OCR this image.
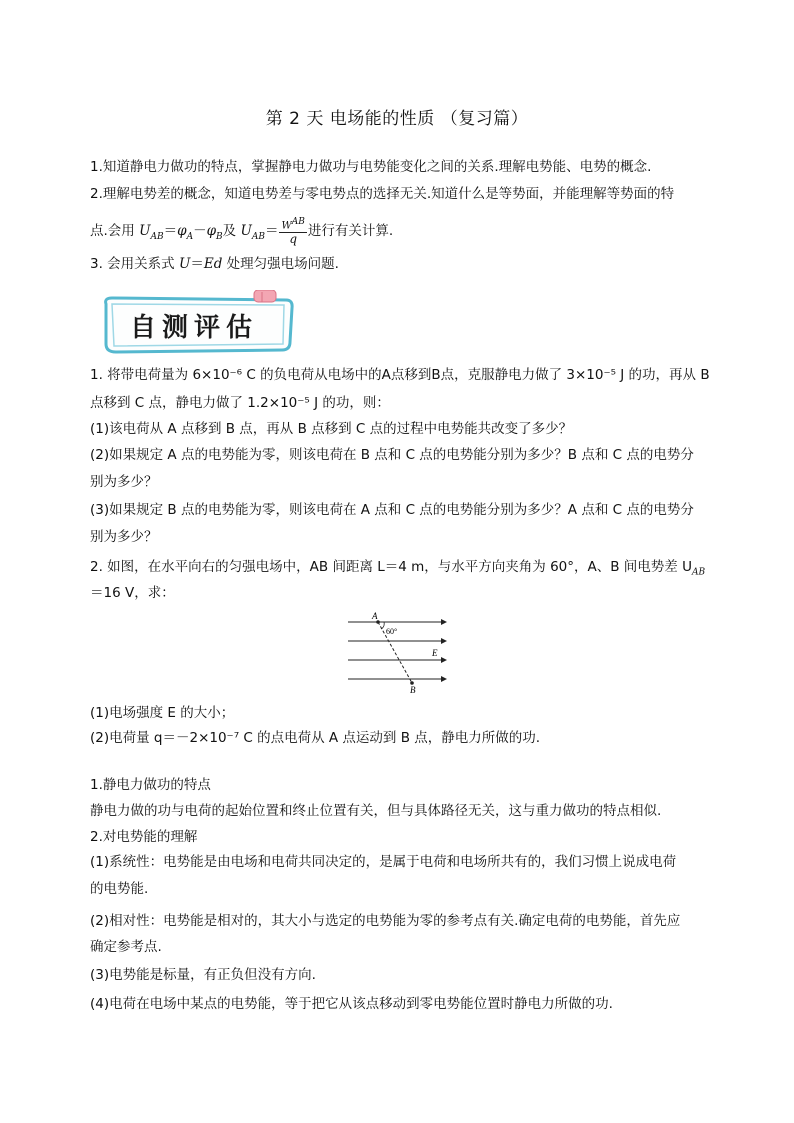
第 2 天 电场能的性质 （复习篇）
1.知道静电力做功的特点，掌握静电力做功与电势能变化之间的关系.理解电势能、电势的概念.
2.理解电势差的概念，知道电势差与零电势点的选择无关.知道什么是等势面，并能理解等势面的特
点.会用 $U_{AB}=\varphi_A-\varphi_B$及 $U_{AB}= \frac{W^{AB}}{q}$ 进行有关计算.
3. 会用关系式 U＝Ed 处理匀强电场问题.
自测评估
1. 将带电荷量为 6×10⁻⁶ C 的负电荷从电场中的A点移到B点，克服静电力做了 3×10⁻⁵ J 的功，再从 B
点移到 C 点，静电力做了 1.2×10⁻⁵ J 的功，则：
(1)该电荷从 A 点移到 B 点，再从 B 点移到 C 点的过程中电势能共改变了多少？
(2)如果规定 A 点的电势能为零，则该电荷在 B 点和 C 点的电势能分别为多少？B 点和 C 点的电势分
别为多少？
(3)如果规定 B 点的电势能为零，则该电荷在 A 点和 C 点的电势能分别为多少？A 点和 C 点的电势分
别为多少？
2. 如图，在水平向右的匀强电场中，AB 间距离 L＝4 m，与水平方向夹角为 60°，A、B 间电势差 $U_{AB}$
＝16 V，求：
A
B
E
60°
(1)电场强度 E 的大小；
(2)电荷量 q＝－2×10⁻⁷ C 的点电荷从 A 点运动到 B 点，静电力所做的功.
1.静电力做功的特点
静电力做的功与电荷的起始位置和终止位置有关，但与具体路径无关，这与重力做功的特点相似.
2.对电势能的理解
(1)系统性：电势能是由电场和电荷共同决定的，是属于电荷和电场所共有的，我们习惯上说成电荷
的电势能.
(2)相对性：电势能是相对的，其大小与选定的电势能为零的参考点有关.确定电荷的电势能，首先应
确定参考点.
(3)电势能是标量，有正负但没有方向.
(4)电荷在电场中某点的电势能，等于把它从该点移动到零电势能位置时静电力所做的功.
